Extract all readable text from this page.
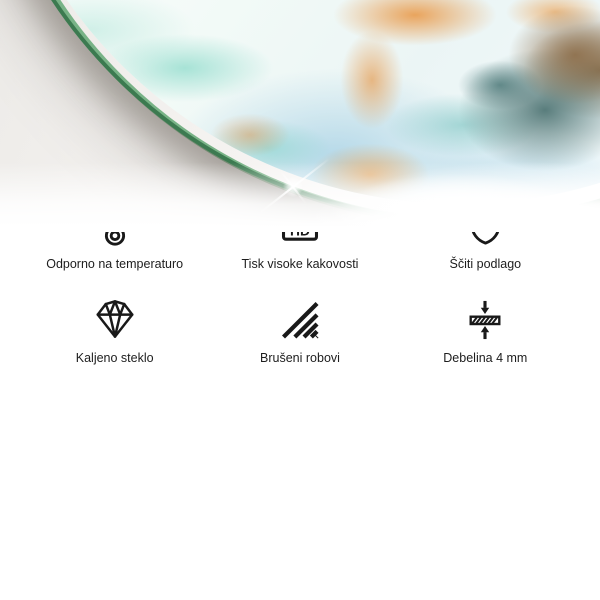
Odporno na temperaturo	Tisk visoke kakovosti	Ščiti podlago
Kaljeno steklo	Brušeni robovi	Debelina 4 mm
